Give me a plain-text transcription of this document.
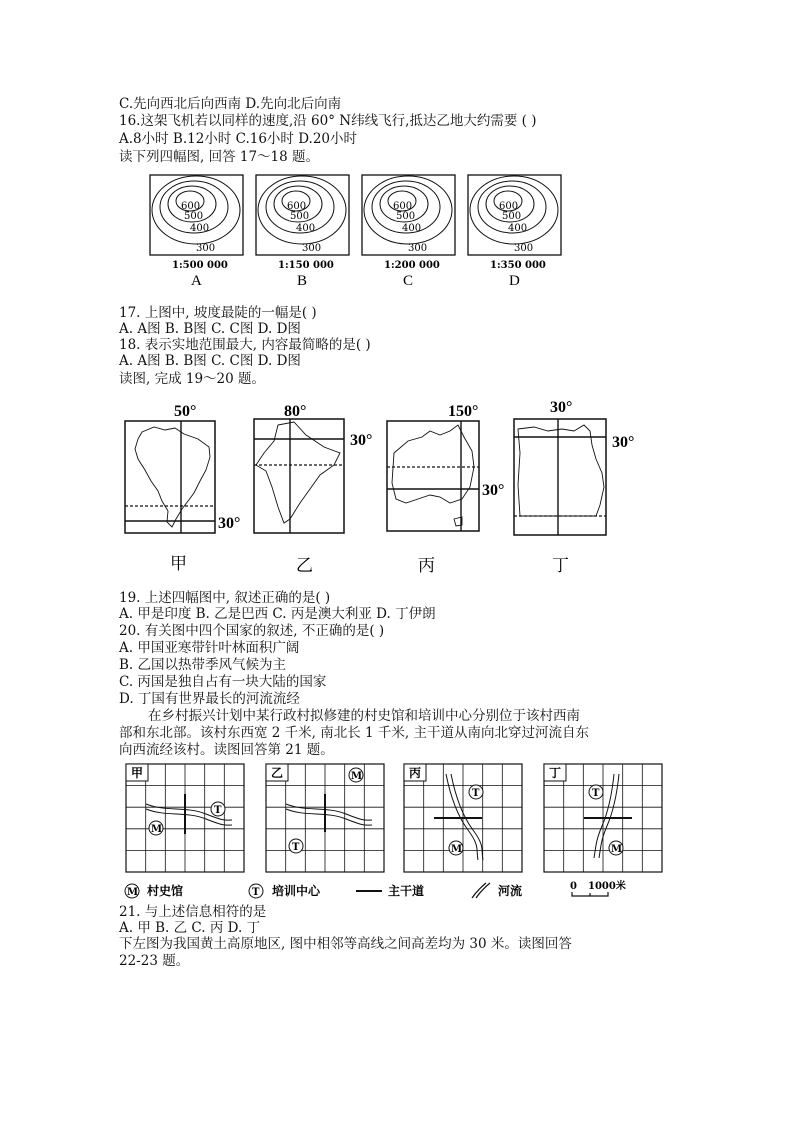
C.先向西北后向西南 D.先向北后向南
16.这架飞机若以同样的速度,沿 60° N纬线飞行,抵达乙地大约需要 ( )
A.8小时 B.12小时 C.16小时 D.20小时
读下列四幅图, 回答 17～18 题。
600
500
400
300
1:500 000
A
600
500
400
300
1:150 000
B
600
500
400
300
1:200 000
C
600
500
400
300
1:350 000
D
17. 上图中, 坡度最陡的一幅是( )
A. A图 B. B图 C. C图 D. D图
18. 表示实地范围最大, 内容最简略的是( )
A. A图 B. B图 C. C图 D. D图
读图, 完成 19～20 题。
50°
30°
甲
80°
30°
乙
150°
30°
丙
30°
30°
丁
19. 上述四幅图中, 叙述正确的是( )
A. 甲是印度 B. 乙是巴西 C. 丙是澳大利亚 D. 丁伊朗
20. 有关图中四个国家的叙述, 不正确的是( )
A. 甲国亚寒带针叶林面积广阔
B. 乙国以热带季风气候为主
C. 丙国是独自占有一块大陆的国家
D. 丁国有世界最长的河流流经
在乡村振兴计划中某行政村拟修建的村史馆和培训中心分别位于该村西南
部和东北部。该村东西宽 2 千米, 南北长 1 千米, 主干道从南向北穿过河流自东
向西流经该村。读图回答第 21 题。
甲
T
M
乙	M
T
丙
T
M
丁
T
M
M 村史馆	T 培训中心	主干道	河流	0 1000米
21. 与上述信息相符的是
A. 甲 B. 乙 C. 丙 D. 丁
下左图为我国黄土高原地区, 图中相邻等高线之间高差均为 30 米。读图回答
22-23 题。
